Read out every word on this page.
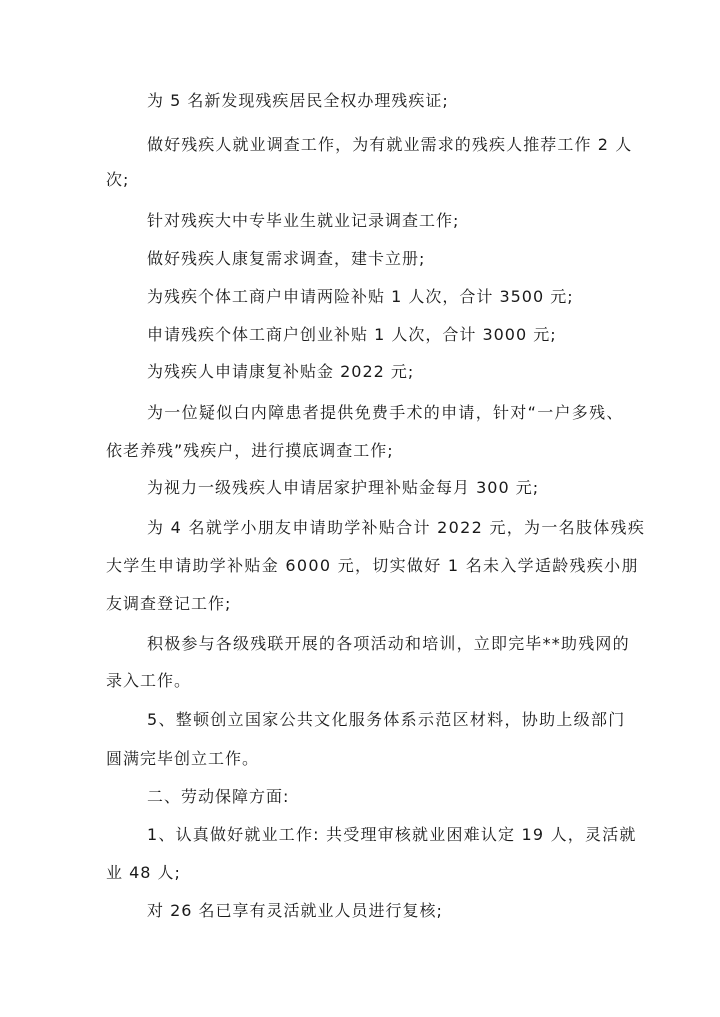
为 5 名新发现残疾居民全权办理残疾证;
做好残疾人就业调查工作，为有就业需求的残疾人推荐工作 2 人
次;
针对残疾大中专毕业生就业记录调查工作;
做好残疾人康复需求调查，建卡立册;
为残疾个体工商户申请两险补贴 1 人次，合计 3500 元;
申请残疾个体工商户创业补贴 1 人次，合计 3000 元;
为残疾人申请康复补贴金 2022 元;
为一位疑似白内障患者提供免费手术的申请，针对“一户多残、
依老养残”残疾户，进行摸底调查工作;
为视力一级残疾人申请居家护理补贴金每月 300 元;
为 4 名就学小朋友申请助学补贴合计 2022 元，为一名肢体残疾
大学生申请助学补贴金 6000 元，切实做好 1 名未入学适龄残疾小朋
友调查登记工作;
积极参与各级残联开展的各项活动和培训，立即完毕**助残网的
录入工作。
5、整顿创立国家公共文化服务体系示范区材料，协助上级部门
圆满完毕创立工作。
二、劳动保障方面:
1、认真做好就业工作: 共受理审核就业困难认定 19 人，灵活就
业 48 人;
对 26 名已享有灵活就业人员进行复核;
